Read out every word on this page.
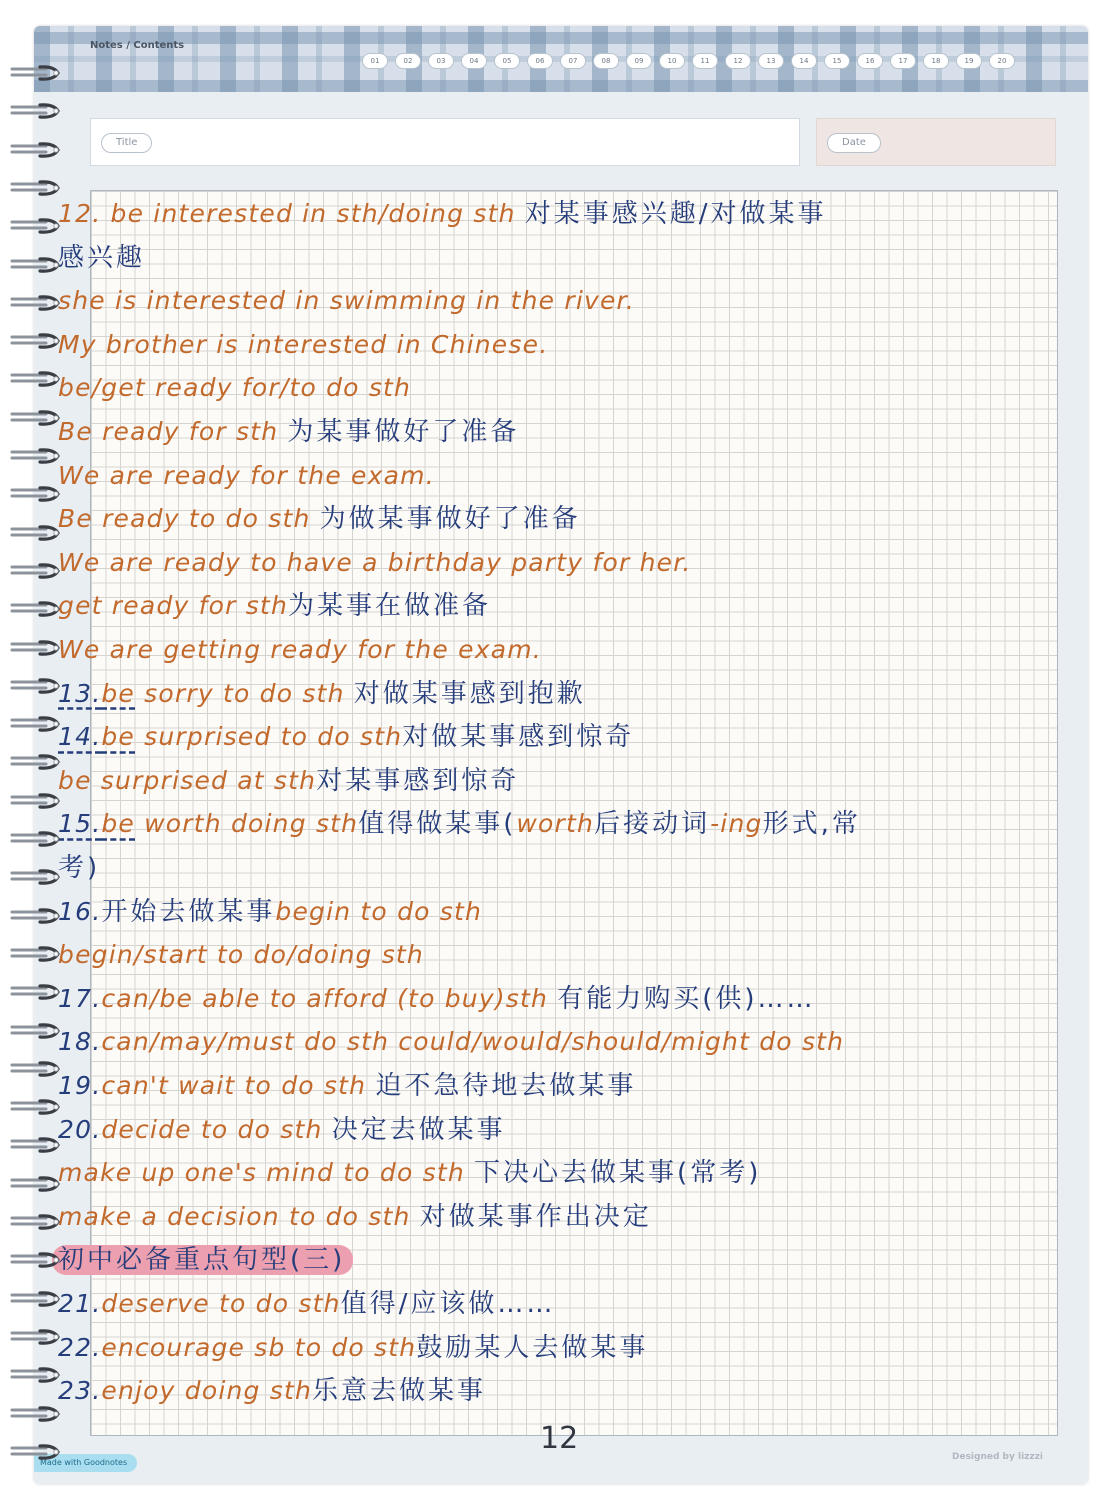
Notes / Contents
01	02	03	04	05	06	07	08	09	10	11	12	13	14	15	16	17	18	19	20
Title	Date
12
Made with Goodnotes
Designed by lizzzi
12. be interested in sth/doing sth 对某事感兴趣/对做某事
感兴趣
she is interested in swimming in the river.
My brother is interested in Chinese.
be/get ready for/to do sth
Be ready for sth 为某事做好了准备
We are ready for the exam.
Be ready to do sth 为做某事做好了准备
We are ready to have a birthday party for her.
get ready for sth为某事在做准备
We are getting ready for the exam.
13.be sorry to do sth 对做某事感到抱歉
14.be surprised to do sth对做某事感到惊奇
be surprised at sth对某事感到惊奇
15.be worth doing sth值得做某事(worth后接动词-ing形式,常
考)
16.开始去做某事begin to do sth
begin/start to do/doing sth
17.can/be able to afford (to buy)sth 有能力购买(供)……
18.can/may/must do sth could/would/should/might do sth
19.can't wait to do sth 迫不急待地去做某事
20.decide to do sth 决定去做某事
make up one's mind to do sth 下决心去做某事(常考)
make a decision to do sth 对做某事作出决定
初中必备重点句型(三)
21.deserve to do sth值得/应该做……
22.encourage sb to do sth鼓励某人去做某事
23.enjoy doing sth乐意去做某事
